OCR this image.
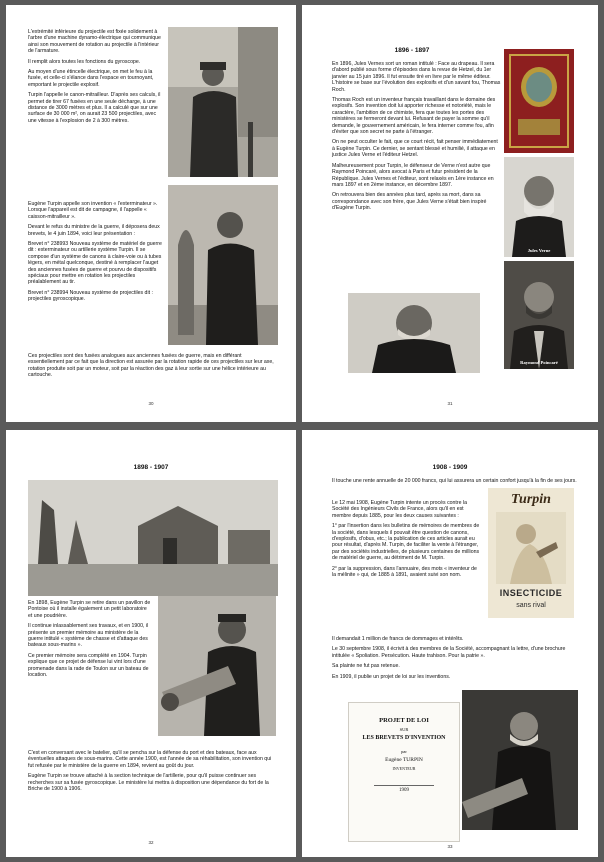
L'extrémité inférieure du projectile est fixée solidement à l'arbre d'une machine dynamo-électrique qui communique ainsi son mouvement de rotation au projectile à l'intérieur de l'armature.

Il remplit alors toutes les fonctions du gyroscope.

Au moyen d'une étincelle électrique, on met le feu à la fusée, et celle-ci s'élance dans l'espace en tournoyant, emportant le projectile explosif.

Turpin l'appelle le canon-mitrailleur. D'après ses calculs, il permet de tirer 67 fusées en une seule décharge, à une distance de 3000 mètres et plus. Il a calculé que sur une surface de 30 000 m², on aurait 23 500 projectiles, avec une vitesse à l'explosion de 2 à 300 mètres.

Eugène Turpin appelle son invention « l'exterminateur ». Lorsque l'appareil est dit de campagne, il l'appelle « caisson-mitrailleur ».

Devant le refus du ministre de la guerre, il déposera deux brevets, le 4 juin 1894, voici leur présentation :

Brevet n° 238993 Nouveau système de matériel de guerre dit : exterminateur ou artillerie système Turpin. Il se compose d'un système de canons à claire-voie ou à tubes légers, en métal quelconque, destiné à remplacer l'auget des anciennes fusées de guerre et pourvu de dispositifs spéciaux pour mettre en rotation les projectiles préalablement au tir.

Brevet n° 238994 Nouveau système de projectiles dit : projectiles gyroscopique.

Ces projectiles sont des fusées analogues aux anciennes fusées de guerre, mais en différant essentiellement par ce fait que la direction est assurée par la rotation rapide de ces projectiles sur leur axe, rotation produite soit par un moteur, soit par la réaction des gaz à leur sortie sur une hélice intérieure au cartouche.

30
1896 - 1897

En 1896, Jules Vernes sort un roman intitulé : Face au drapeau. Il sera d'abord publié sous forme d'épisodes dans la revue de Hetzel, du 1er janvier au 15 juin 1896. Il fut ensuite tiré en livre par le même éditeur. L'histoire se base sur l'évolution des explosifs et d'un savant fou, Thomas Roch.

Thomas Roch est un inventeur français travaillant dans le domaine des explosifs. Son invention doit lui apporter richesse et notoriété, mais le caractère, l'ambition de ce chimiste, fera que toutes les portes des ministères se fermeront devant lui. Refusant de payer la somme qu'il demande, le gouvernement américain, le fera interner comme fou, afin d'éviter que son secret ne parte à l'étranger.

On ne peut occulter le fait, que ce court récit, fait penser immédiatement à Eugène Turpin. Ce dernier, se sentant blessé et humilié, il attaque en justice Jules Verne et l'éditeur Hetzel.

Malheureusement pour Turpin, le défenseur de Verne n'est autre que Raymond Poincaré, alors avocat à Paris et futur président de la République. Jules Vernes et l'éditeur, sont relaxés en 1ère instance en mars 1897 et en 2ème instance, en décembre 1897.

On retrouvera bien des années plus tard, après sa mort, dans sa correspondance avec son frère, que Jules Verne s'était bien inspiré d'Eugène Turpin.

Jules Verne
Raymond Poincaré
31
1898 - 1907

En 1898, Eugène Turpin se retire dans un pavillon de Pontoise où il installe également un petit laboratoire et une poudrière.

Il continue inlassablement ses travaux, et en 1900, il présente un premier mémoire au ministère de la guerre intitulé « système de chasse et d'attaque des bateaux sous-marins ».

Ce premier mémoire sera complété en 1904. Turpin explique que ce projet de défense lui vint lors d'une promenade dans la rade de Toulon sur un bateau de location.

C'est en conversant avec le batelier, qu'il se pencha sur la défense du port et des bateaux, face aux éventuelles attaques de sous-marins. Cette année 1900, est l'année de sa réhabilitation, son invention qui fut refusée par le ministère de la guerre en 1894, revient au goût du jour.

Eugène Turpin se trouve attaché à la section technique de l'artillerie, pour qu'il puisse continuer ses recherches sur sa fusée gyroscopique. Le ministère lui mettra à disposition une dépendance du fort de la Briche de 1900 à 1906.

32
1908 - 1909

Il touche une rente annuelle de 20 000 francs, qui lui assurera un certain confort jusqu'à la fin de ses jours.

Le 12 mai 1908, Eugène Turpin intente un procès contre la Société des Ingénieurs Civils de France, alors qu'il en est membre depuis 1885, pour les deux causes suivantes :

1° par l'insertion dans les bulletins de mémoires de membres de la société, dans lesquels il pouvait être question de canons, d'explosifs, d'obus, etc.; la publication de ces articles aurait eu pour résultat, d'après M. Turpin, de faciliter la vente à l'étranger, par des sociétés industrielles, de plusieurs centaines de millions de matériel de guerre, au détriment de M. Turpin.

2° par la suppression, dans l'annuaire, des mots « inventeur de la mélinite » qui, de 1885 à 1891, avaient suivi son nom.

Turpin
INSECTICIDE
sans rival

Il demandait 1 million de francs de dommages et intérêts.

Le 30 septembre 1908, il écrivit à des membres de la Société, accompagnant la lettre, d'une brochure intitulée « Spoliation. Persécution. Haute trahison. Pour la patrie ».

Sa plainte ne fut pas retenue.

En 1909, il publie un projet de loi sur les inventions.

PROJET DE LOI
SUR
LES BREVETS D'INVENTION
par
Eugène TURPIN
INVENTEUR
1909
33
